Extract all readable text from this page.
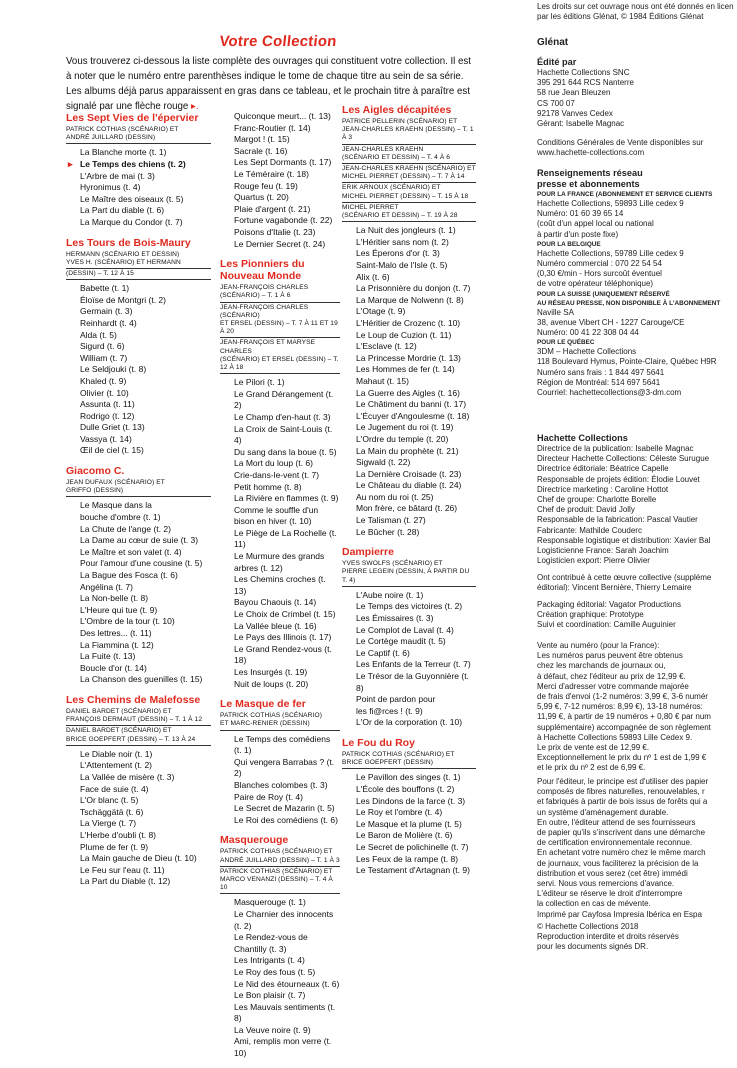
Votre Collection
Vous trouverez ci-dessous la liste complète des ouvrages qui constituent votre collection. Il est à noter que le numéro entre parenthèses indique le tome de chaque titre au sein de sa série. Les albums déjà parus apparaissent en gras dans ce tableau, et le prochain titre à paraître est signalé par une flèche rouge ▸.
Les Sept Vies de l'épervier
PATRICK COTHIAS (SCÉNARIO) ET
ANDRÉ JUILLARD (DESSIN)
La Blanche morte (t. 1)
▸ Le Temps des chiens (t. 2)
L'Arbre de mai (t. 3)
Hyronimus (t. 4)
Le Maître des oiseaux (t. 5)
La Part du diable (t. 6)
La Marque du Condor (t. 7)
Les Tours de Bois-Maury
HERMANN (SCÉNARIO ET DESSIN)
YVES H. (SCÉNARIO) ET HERMANN
(DESSIN) – T. 12 À 15
Babette (t. 1)
Éloïse de Montgri (t. 2)
Germain (t. 3)
Reinhardt (t. 4)
Alda (t. 5)
Sigurd (t. 6)
William (t. 7)
Le Seldjouki (t. 8)
Khaled (t. 9)
Olivier (t. 10)
Assunta (t. 11)
Rodrigo (t. 12)
Dulle Griet (t. 13)
Vassya (t. 14)
Œil de ciel (t. 15)
Giacomo C.
JEAN DUFAUX (SCÉNARIO) ET
GRIFFO (DESSIN)
Le Masque dans la
bouche d'ombre (t. 1)
La Chute de l'ange (t. 2)
La Dame au cœur de suie (t. 3)
Le Maître et son valet (t. 4)
Pour l'amour d'une cousine (t. 5)
La Bague des Fosca (t. 6)
Angélina (t. 7)
La Non-belle (t. 8)
L'Heure qui tue (t. 9)
L'Ombre de la tour (t. 10)
Des lettres... (t. 11)
La Fiammina (t. 12)
La Fuite (t. 13)
Boucle d'or (t. 14)
La Chanson des guenilles (t. 15)
Les Chemins de Malefosse
DANIEL BARDET (SCÉNARIO) ET
FRANÇOIS DERMAUT (DESSIN) – T. 1 À 12
DANIEL BARDET (SCÉNARIO) ET
BRICE GOEPFERT (DESSIN) – T. 13 À 24
Le Diable noir (t. 1)
L'Attentement (t. 2)
La Vallée de misère (t. 3)
Face de suie (t. 4)
L'Or blanc (t. 5)
Tschäggätä (t. 6)
La Vierge (t. 7)
L'Herbe d'oubli (t. 8)
Plume de fer (t. 9)
La Main gauche de Dieu (t. 10)
Le Feu sur l'eau (t. 11)
La Part du Diable (t. 12)
Quiconque meurt... (t. 13)
Franc-Routier (t. 14)
Margot ! (t. 15)
Sacrale (t. 16)
Les Sept Dormants (t. 17)
Le Téméraire (t. 18)
Rouge feu (t. 19)
Quartus (t. 20)
Plaie d'argent (t. 21)
Fortune vagabonde (t. 22)
Poisons d'Italie (t. 23)
Le Dernier Secret (t. 24)
Les Pionniers du Nouveau Monde
JEAN-FRANÇOIS CHARLES
(SCÉNARIO) – T. 1 À 6
JEAN-FRANÇOIS CHARLES (SCÉNARIO)
ET ERSEL (DESSIN) – T. 7 À 11 ET 19 À 20
JEAN-FRANÇOIS ET MARYSE CHARLES
(SCÉNARIO) ET ERSEL (DESSIN) – T. 12 À 18
Le Pilori (t. 1)
Le Grand Dérangement (t. 2)
Le Champ d'en-haut (t. 3)
La Croix de Saint-Louis (t. 4)
Du sang dans la boue (t. 5)
La Mort du loup (t. 6)
Crie-dans-le-vent (t. 7)
Petit homme (t. 8)
La Rivière en flammes (t. 9)
Comme le souffle d'un
bison en hiver (t. 10)
Le Piège de La Rochelle (t. 11)
Le Murmure des grands
arbres (t. 12)
Les Chemins croches (t. 13)
Bayou Chaouis (t. 14)
Le Choix de Crimbel (t. 15)
La Vallée bleue (t. 16)
Le Pays des Illinois (t. 17)
Le Grand Rendez-vous (t. 18)
Les Insurgés (t. 19)
Nuit de loups (t. 20)
Le Masque de fer
PATRICK COTHIAS (SCÉNARIO)
ET MARC-RENIER (DESSIN)
Le Temps des comédiens (t. 1)
Qui vengera Barrabas ? (t. 2)
Blanches colombes (t. 3)
Paire de Roy (t. 4)
Le Secret de Mazarin (t. 5)
Le Roi des comédiens (t. 6)
Masquerouge
PATRICK COTHIAS (SCÉNARIO) ET
ANDRÉ JUILLARD (DESSIN) – T. 1 À 3
PATRICK COTHIAS (SCÉNARIO) ET
MARCO VENANZI (DESSIN) – T. 4 À 10
Masquerouge (t. 1)
Le Charnier des innocents (t. 2)
Le Rendez-vous de Chantilly (t. 3)
Les Intrigants (t. 4)
Le Roy des fous (t. 5)
Le Nid des étourneaux (t. 6)
Le Bon plaisir (t. 7)
Les Mauvais sentiments (t. 8)
La Veuve noire (t. 9)
Ami, remplis mon verre (t. 10)
Les Aigles décapitées
PATRICE PELLERIN (SCÉNARIO) ET
JEAN-CHARLES KRAEHN (DESSIN) – T. 1 À 3
JEAN-CHARLES KRAEHN
(SCÉNARIO ET DESSIN) – T. 4 À 6
JEAN-CHARLES KRAEHN (SCÉNARIO) ET
MICHEL PIERRET (DESSIN) – T. 7 À 14
ERIK ARNOUX (SCÉNARIO) ET
MICHEL PIERRET (DESSIN) – T. 15 À 18
MICHEL PIERRET
(SCÉNARIO ET DESSIN) – T. 19 À 28
La Nuit des jongleurs (t. 1)
L'Héritier sans nom (t. 2)
Les Éperons d'or (t. 3)
Saint-Malo de l'Isle (t. 5)
Alix (t. 6)
La Prisonnière du donjon (t. 7)
La Marque de Nolwenn (t. 8)
L'Otage (t. 9)
L'Héritier de Crozenc (t. 10)
Le Loup de Cuzion (t. 11)
L'Esclave (t. 12)
La Princesse Mordrie (t. 13)
Les Hommes de fer (t. 14)
Mahaut (t. 15)
La Guerre des Aigles (t. 16)
Le Châtiment du banni (t. 17)
L'Écuyer d'Angoulesme (t. 18)
Le Jugement du roi (t. 19)
L'Ordre du temple (t. 20)
La Main du prophète (t. 21)
Sigwald (t. 22)
La Dernière Croisade (t. 23)
Le Château du diable (t. 24)
Au nom du roi (t. 25)
Mon frère, ce bâtard (t. 26)
Le Talisman (t. 27)
Le Bûcher (t. 28)
Dampierre
YVES SWOLFS (SCÉNARIO) ET
PIERRE LEGEIN (DESSIN, À PARTIR DU T. 4)
L'Aube noire (t. 1)
Le Temps des victoires (t. 2)
Les Émissaires (t. 3)
Le Complot de Laval (t. 4)
Le Cortège maudit (t. 5)
Le Captif (t. 6)
Les Enfants de la Terreur (t. 7)
Le Trésor de la Guyonnière (t. 8)
Point de pardon pour
les fi@rces ! (t. 9)
L'Or de la corporation (t. 10)
Le Fou du Roy
PATRICK COTHIAS (SCÉNARIO) ET
BRICE GOEPFERT (DESSIN)
Le Pavillon des singes (t. 1)
L'École des bouffons (t. 2)
Les Dindons de la farce (t. 3)
Le Roy et l'ombre (t. 4)
Le Masque et la plume (t. 5)
Le Baron de Molière (t. 6)
Le Secret de polichinelle (t. 7)
Les Feux de la rampe (t. 8)
Le Testament d'Artagnan (t. 9)
Les droits sur cet ouvrage nous ont été donnés en licen
par les éditions Glénat, © 1984 Éditions Glénat
Glénat
Édité par
Hachette Collections SNC
395 291 644 RCS Nanterre
58 rue Jean Bleuzen
CS 700 07
92178 Vanves Cedex
Gérant: Isabelle Magnac
Conditions Générales de Vente disponibles sur
www.hachette-collections.com
Renseignements réseau
presse et abonnements
POUR LA FRANCE (ABONNEMENT ET SERVICE CLIENTS
Hachette Collections, 59893 Lille cedex 9
Numéro: 01 60 39 65 14
(coût d'un appel local ou national
à partir d'un poste fixe)
POUR LA BELGIQUE
Hachette Collections, 59789 Lille cedex 9
Numéro commercial : 070 22 54 54
(0,30 €/min - Hors surcoût éventuel
de votre opérateur téléphonique)
POUR LA SUISSE (UNIQUEMENT RÉSERVÉ
AU RÉSEAU PRESSE, NON DISPONIBLE À L'ABONNEMENT
Naville SA
38, avenue Vibert CH - 1227 Carouge/CE
Numéro: 00 41 22 308 04 44
POUR LE QUÉBEC
3DM – Hachette Collections
118 Boulevard Hymus, Pointe-Claire, Québec H9R
Numéro sans frais : 1 844 497 5641
Région de Montréal: 514 697 5641
Courriel: hachettecollections@3-dm.com
Hachette Collections
Directrice de la publication: Isabelle Magnac
Directeur Hachette Collections: Céleste Surugue
Directrice éditoriale: Béatrice Capelle
Responsable de projets édition: Élodie Louvet
Directrice marketing : Caroline Hottot
Chef de groupe: Charlotte Borelle
Chef de produit: David Jolly
Responsable de la fabrication: Pascal Vautier
Fabricante: Mathilde Couderc
Responsable logistique et distribution: Xavier Bal
Logisticienne France: Sarah Joachim
Logisticien export: Pierre Olivier
Ont contribué à cette œuvre collective (suppléme
éditorial): Vincent Bernière, Thierry Lemaire
Packaging éditorial: Vagator Productions
Création graphique: Prototype
Suivi et coordination: Camille Auguinier
Vente au numéro (pour la France):
Les numéros parus peuvent être obtenus
chez les marchands de journaux ou,
à défaut, chez l'éditeur au prix de 12,99 €.
Merci d'adresser votre commande majorée
de frais d'envoi (1-2 numéros: 3,99 €, 3-6 numér
5,99 €, 7-12 numéros: 8,99 €), 13-18 numéros:
11,99 €, à partir de 19 numéros + 0,80 € par num
supplémentaire) accompagnée de son règlement
à Hachette Collections 59893 Lille Cedex 9.
Le prix de vente est de 12,99 €.
Exceptionnellement le prix du nº 1 est de 1,99 €
et le prix du nº 2 est de 6,99 €.
Pour l'éditeur, le principe est d'utiliser des papier
composés de fibres naturelles, renouvelables, r
et fabriqués à partir de bois issus de forêts qui a
un système d'aménagement durable.
En outre, l'éditeur attend de ses fournisseurs
de papier qu'ils s'inscrivent dans une démarche
de certification environnementale reconnue.
En achetant votre numéro chez le même march
de journaux, vous faciliterez la précision de la
distribution et vous serez (cet être) immédi
servi. Nous vous remercions d'avance.
L'éditeur se réserve le droit d'interrompre
la collection en cas de mévente.
Imprimé par Cayfosa Impresia Ibérica en Espa
© Hachette Collections 2018
Reproduction interdite et droits réservés
pour les documents signés DR.
